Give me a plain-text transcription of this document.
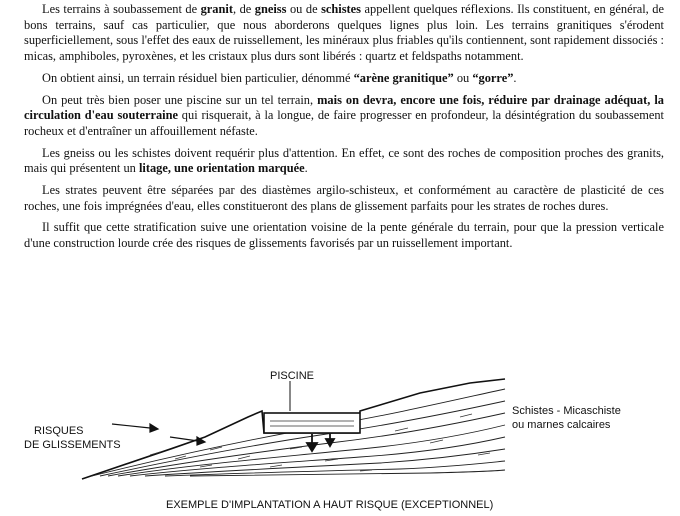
Les terrains à soubassement de granit, de gneiss ou de schistes appellent quelques réflexions. Ils constituent, en général, de bons terrains, sauf cas particulier, que nous aborderons quelques lignes plus loin. Les terrains granitiques s'érodent superficiellement, sous l'effet des eaux de ruissellement, les minéraux plus friables qu'ils contiennent, sont rapidement dissociés : micas, amphiboles, pyroxènes, et les cristaux plus durs sont libérés : quartz et feldspaths notamment.

On obtient ainsi, un terrain résiduel bien particulier, dénommé “arène granitique” ou “gorre”.

On peut très bien poser une piscine sur un tel terrain, mais on devra, encore une fois, réduire par drainage adéquat, la circulation d'eau souterraine qui risquerait, à la longue, de faire progresser en profondeur, la désintégration du soubassement rocheux et d'entraîner un affouillement néfaste.

Les gneiss ou les schistes doivent requérir plus d'attention. En effet, ce sont des roches de composition proches des granits, mais qui présentent un litage, une orientation marquée.

Les strates peuvent être séparées par des diastèmes argilo-schisteux, et conformément au caractère de plasticité de ces roches, une fois imprégnées d'eau, elles constitueront des plans de glissement parfaits pour les strates de roches dures.

Il suffit que cette stratification suive une orientation voisine de la pente générale du terrain, pour que la pression verticale d'une construction lourde crée des risques de glissements favorisés par un ruissellement important.

PISCINE
RISQUES
DE GLISSEMENTS
Schistes - Micaschiste
ou marnes calcaires
EXEMPLE D'IMPLANTATION A HAUT RISQUE (EXCEPTIONNEL)
